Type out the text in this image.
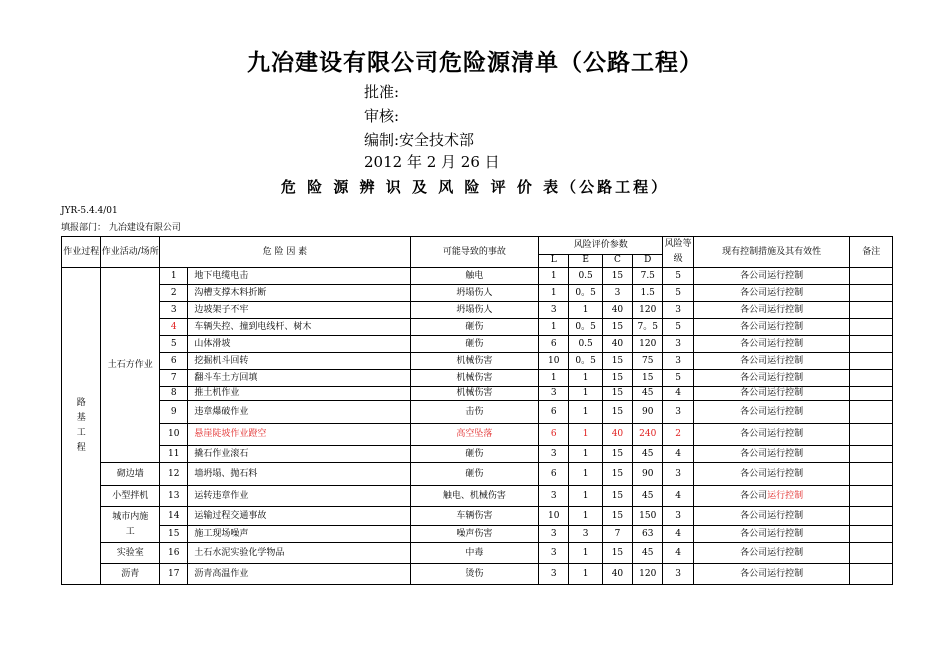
九冶建设有限公司危险源清单（公路工程）
批准:
审核:
编制:安全技术部
2012 年 2 月 26 日
危 险 源 辨 识 及 风 险 评 价 表（公路工程）
JYR-5.4.4/01
填报部门： 九冶建设有限公司
作业过程	作业活动/场所	危 险 因 素		可能导致的事故	风险评价参数				风险等级	现有控制措施及其有效性	备注
					L	E	C	D			
路基工程	土石方作业	1	地下电缆电击	触电	1	0.5	15	7.5	5	各公司运行控制	
		2	沟槽支撑木料折断	坍塌伤人	1	0。5	3	1.5	5	各公司运行控制	
		3	边坡架子不牢	坍塌伤人	3	1	40	120	3	各公司运行控制	
		4	车辆失控、撞到电线杆、树木	砸伤	1	0。5	15	7。5	5	各公司运行控制	
		5	山体滑坡	砸伤	6	0.5	40	120	3	各公司运行控制	
		6	挖掘机斗回转	机械伤害	10	0。5	15	75	3	各公司运行控制	
		7	翻斗车土方回填	机械伤害	1	1	15	15	5	各公司运行控制	
		8	推土机作业	机械伤害	3	1	15	45	4	各公司运行控制	
		9	违章爆破作业	击伤	6	1	15	90	3	各公司运行控制	
		10	悬崖陡坡作业蹬空	高空坠落	6	1	40	240	2	各公司运行控制	
		11	撬石作业滚石	砸伤	3	1	15	45	4	各公司运行控制	
	砌边墙	12	墙坍塌、抛石料	砸伤	6	1	15	90	3	各公司运行控制	
	小型拌机	13	运转违章作业	触电、机械伤害	3	1	15	45	4	各公司运行控制	
	城市内施工	14	运输过程交通事故	车辆伤害	10	1	15	150	3	各公司运行控制	
		15	施工现场噪声	噪声伤害	3	3	7	63	4	各公司运行控制	
	实验室	16	土石水泥实验化学物品	中毒	3	1	15	45	4	各公司运行控制	
	沥青	17	沥青高温作业	烫伤	3	1	40	120	3	各公司运行控制	
